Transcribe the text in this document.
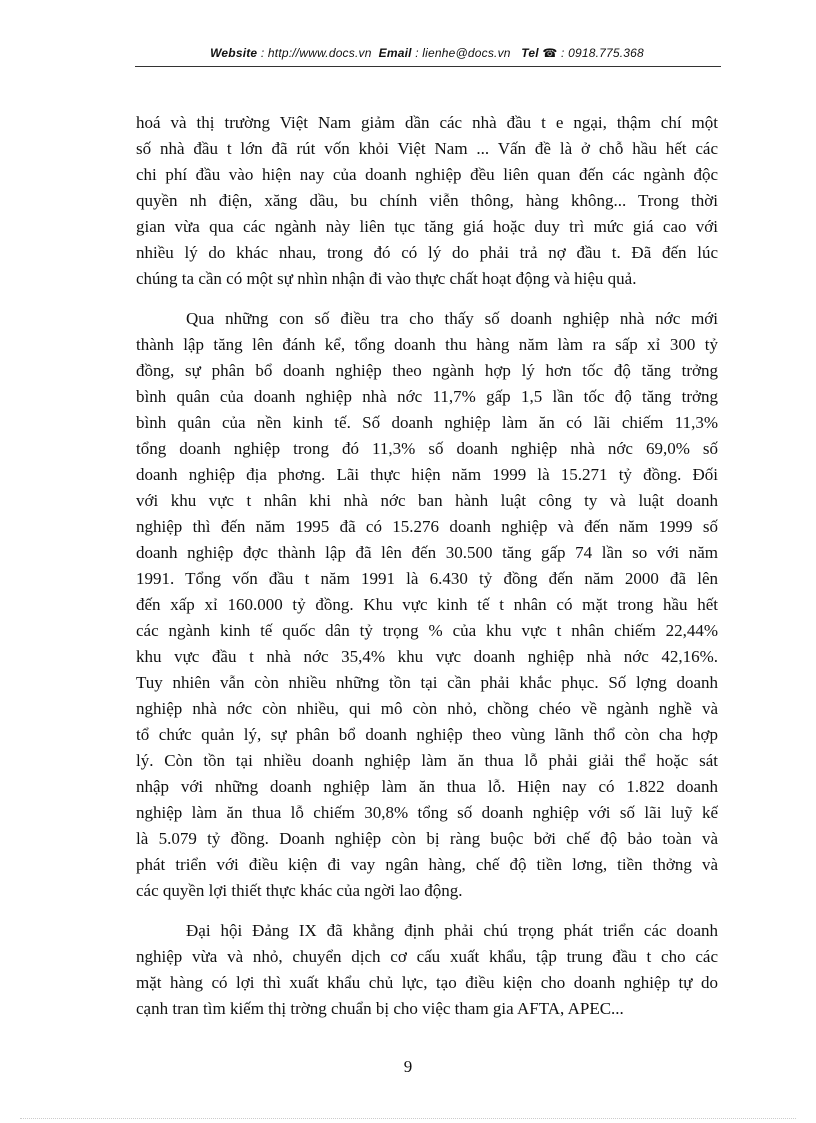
Website : http://www.docs.vn Email : lienhe@docs.vn Tel ☎ : 0918.775.368

hoá và thị trường Việt Nam giảm dần các nhà đầu t e ngại, thậm chí một
số nhà đầu t lớn đã rút vốn khỏi Việt Nam ... Vấn đề là ở chỗ hầu hết các
chi phí đầu vào hiện nay của doanh nghiệp đều liên quan đến các ngành độc
quyền nh điện, xăng dầu, bu chính viễn thông, hàng không... Trong thời
gian vừa qua các ngành này liên tục tăng giá hoặc duy trì mức giá cao với
nhiều lý do khác nhau, trong đó có lý do phải trả nợ đầu t. Đã đến lúc
chúng ta cần có một sự nhìn nhận đi vào thực chất hoạt động và hiệu quả.

Qua những con số điều tra cho thấy số doanh nghiệp nhà nớc mới
thành lập tăng lên đánh kể, tổng doanh thu hàng năm làm ra sấp xỉ 300 tỷ
đồng, sự phân bổ doanh nghiệp theo ngành hợp lý hơn tốc độ tăng trởng
bình quân của doanh nghiệp nhà nớc 11,7% gấp 1,5 lần tốc độ tăng trởng
bình quân của nền kinh tế. Số doanh nghiệp làm ăn có lãi chiếm 11,3%
tổng doanh nghiệp trong đó 11,3% số doanh nghiệp nhà nớc 69,0% số
doanh nghiệp địa phơng. Lãi thực hiện năm 1999 là 15.271 tỷ đồng. Đối
với khu vực t nhân khi nhà nớc ban hành luật công ty và luật doanh
nghiệp thì đến năm 1995 đã có 15.276 doanh nghiệp và đến năm 1999 số
doanh nghiệp đợc thành lập đã lên đến 30.500 tăng gấp 74 lần so với năm
1991. Tổng vốn đầu t năm 1991 là 6.430 tỷ đồng đến năm 2000 đã lên
đến xấp xỉ 160.000 tỷ đồng. Khu vực kinh tế t nhân có mặt trong hầu hết
các ngành kinh tế quốc dân tỷ trọng % của khu vực t nhân chiếm 22,44%
khu vực đầu t nhà nớc 35,4% khu vực doanh nghiệp nhà nớc 42,16%.
Tuy nhiên vẫn còn nhiều những tồn tại cần phải khắc phục. Số lợng doanh
nghiệp nhà nớc còn nhiều, qui mô còn nhỏ, chồng chéo về ngành nghề và
tổ chức quản lý, sự phân bổ doanh nghiệp theo vùng lãnh thổ còn cha hợp
lý. Còn tồn tại nhiều doanh nghiệp làm ăn thua lỗ phải giải thể hoặc sát
nhập với những doanh nghiệp làm ăn thua lỗ. Hiện nay có 1.822 doanh
nghiệp làm ăn thua lỗ chiếm 30,8% tổng số doanh nghiệp với số lãi luỹ kế
là 5.079 tỷ đồng. Doanh nghiệp còn bị ràng buộc bởi chế độ bảo toàn và
phát triển với điều kiện đi vay ngân hàng, chế độ tiền lơng, tiền thởng và
các quyền lợi thiết thực khác của ngời lao động.

Đại hội Đảng IX đã khẳng định phải chú trọng phát triển các doanh
nghiệp vừa và nhỏ, chuyển dịch cơ cấu xuất khẩu, tập trung đầu t cho các
mặt hàng có lợi thì xuất khẩu chủ lực, tạo điều kiện cho doanh nghiệp tự do
cạnh tran tìm kiếm thị trờng chuẩn bị cho việc tham gia AFTA, APEC...

9
